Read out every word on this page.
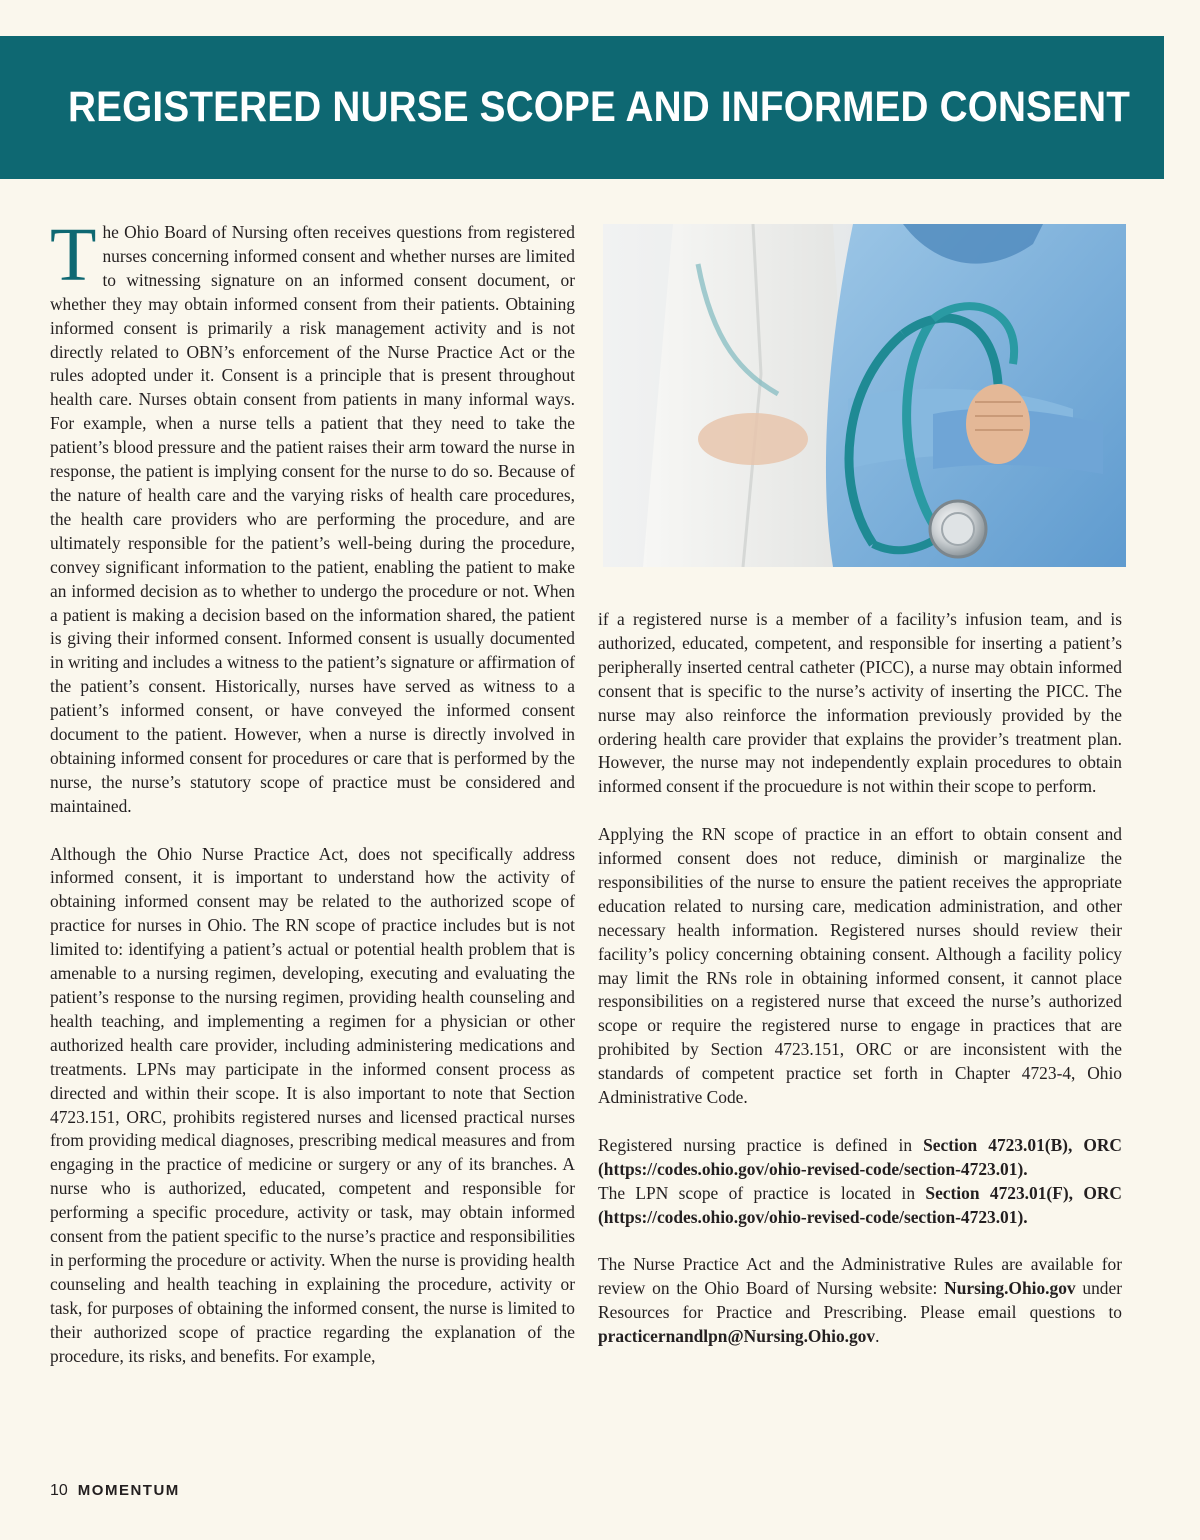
REGISTERED NURSE SCOPE AND INFORMED CONSENT

The Ohio Board of Nursing often receives questions from registered nurses concerning informed consent and whether nurses are limited to witnessing signature on an informed consent document, or whether they may obtain informed consent from their patients. Obtaining informed consent is primarily a risk management activity and is not directly related to OBN’s enforcement of the Nurse Practice Act or the rules adopted under it. Consent is a principle that is present throughout health care. Nurses obtain consent from patients in many informal ways. For example, when a nurse tells a patient that they need to take the patient’s blood pressure and the patient raises their arm toward the nurse in response, the patient is implying consent for the nurse to do so. Because of the nature of health care and the varying risks of health care procedures, the health care providers who are performing the procedure, and are ultimately responsible for the patient’s well-being during the procedure, convey significant information to the patient, enabling the patient to make an informed decision as to whether to undergo the procedure or not. When a patient is making a decision based on the information shared, the patient is giving their informed consent. Informed consent is usually documented in writing and includes a witness to the patient’s signature or affirmation of the patient’s consent. Historically, nurses have served as witness to a patient’s informed consent, or have conveyed the informed consent document to the patient. However, when a nurse is directly involved in obtaining informed consent for procedures or care that is performed by the nurse, the nurse’s statutory scope of practice must be considered and maintained.

Although the Ohio Nurse Practice Act, does not specifically address informed consent, it is important to understand how the activity of obtaining informed consent may be related to the authorized scope of practice for nurses in Ohio. The RN scope of practice includes but is not limited to: identifying a patient’s actual or potential health problem that is amenable to a nursing regimen, developing, executing and evaluating the patient’s response to the nursing regimen, providing health counseling and health teaching, and implementing a regimen for a physician or other authorized health care provider, including administering medications and treatments. LPNs may participate in the informed consent process as directed and within their scope. It is also important to note that Section 4723.151, ORC, prohibits registered nurses and licensed practical nurses from providing medical diagnoses, prescribing medical measures and from engaging in the practice of medicine or surgery or any of its branches. A nurse who is authorized, educated, competent and responsible for performing a specific procedure, activity or task, may obtain informed consent from the patient specific to the nurse’s practice and responsibilities in performing the procedure or activity. When the nurse is providing health counseling and health teaching in explaining the procedure, activity or task, for purposes of obtaining the informed consent, the nurse is limited to their authorized scope of practice regarding the explanation of the procedure, its risks, and benefits. For example,

if a registered nurse is a member of a facility’s infusion team, and is authorized, educated, competent, and responsible for inserting a patient’s peripherally inserted central catheter (PICC), a nurse may obtain informed consent that is specific to the nurse’s activity of inserting the PICC. The nurse may also reinforce the information previously provided by the ordering health care provider that explains the provider’s treatment plan. However, the nurse may not independently explain procedures to obtain informed consent if the procuedure is not within their scope to perform.

Applying the RN scope of practice in an effort to obtain consent and informed consent does not reduce, diminish or marginalize the responsibilities of the nurse to ensure the patient receives the appropriate education related to nursing care, medication administration, and other necessary health information. Registered nurses should review their facility’s policy concerning obtaining consent. Although a facility policy may limit the RNs role in obtaining informed consent, it cannot place responsibilities on a registered nurse that exceed the nurse’s authorized scope or require the registered nurse to engage in practices that are prohibited by Section 4723.151, ORC or are inconsistent with the standards of competent practice set forth in Chapter 4723-4, Ohio Administrative Code.

Registered nursing practice is defined in Section 4723.01(B), ORC (https://codes.ohio.gov/ohio-revised-code/section-4723.01).
The LPN scope of practice is located in Section 4723.01(F), ORC (https://codes.ohio.gov/ohio-revised-code/section-4723.01).

The Nurse Practice Act and the Administrative Rules are available for review on the Ohio Board of Nursing website: Nursing.Ohio.gov under Resources for Practice and Prescribing. Please email questions to practicernandlpn@Nursing.Ohio.gov.

10 MOMENTUM
